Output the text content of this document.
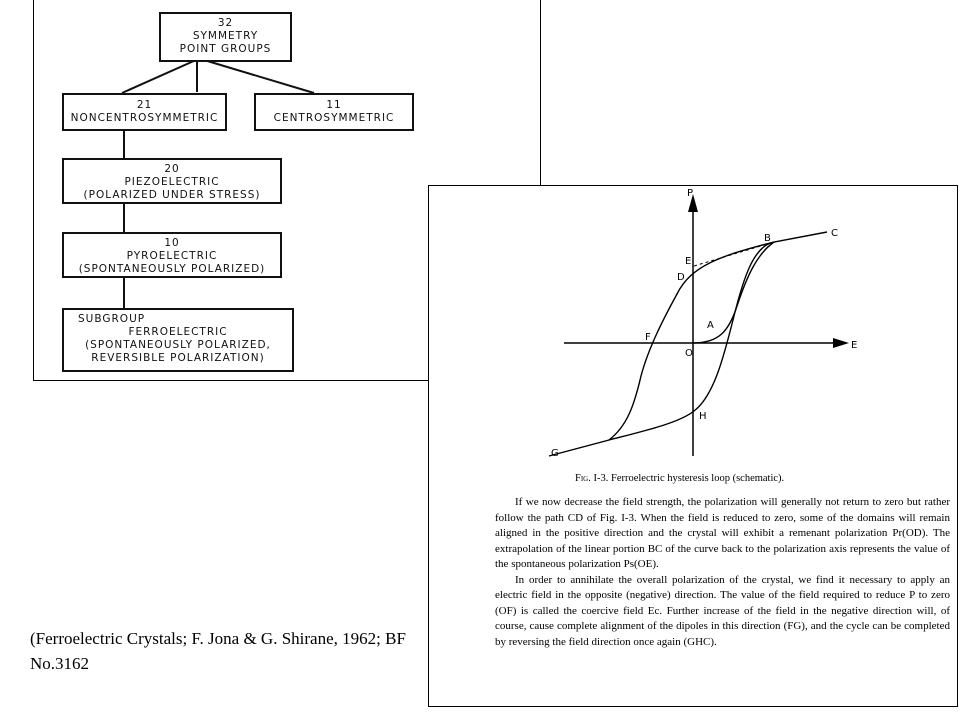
32
SYMMETRY
POINT GROUPS
21
NONCENTROSYMMETRIC
11
CENTROSYMMETRIC
20
PIEZOELECTRIC
(POLARIZED UNDER STRESS)
10
PYROELECTRIC
(SPONTANEOUSLY POLARIZED)
SUBGROUP
FERROELECTRIC
(SPONTANEOUSLY POLARIZED,
REVERSIBLE POLARIZATION)
P
E
O
A
B	C
D
E
F
G
H
Fig. I-3. Ferroelectric hysteresis loop (schematic).

If we now decrease the field strength, the polarization will generally not return to zero but rather follow the path CD of Fig. I-3. When the field is reduced to zero, some of the domains will remain aligned in the positive direction and the crystal will exhibit a remenant polarization Pr(OD). The extrapolation of the linear portion BC of the curve back to the polarization axis represents the value of the spontaneous polarization Ps(OE).

In order to annihilate the overall polarization of the crystal, we find it necessary to apply an electric field in the opposite (negative) direction. The value of the field required to reduce P to zero (OF) is called the coercive field Ec. Further increase of the field in the negative direction will, of course, cause complete alignment of the dipoles in this direction (FG), and the cycle can be completed by reversing the field direction once again (GHC).

(Ferroelectric Crystals; F. Jona & G. Shirane, 1962; BF No.3162
